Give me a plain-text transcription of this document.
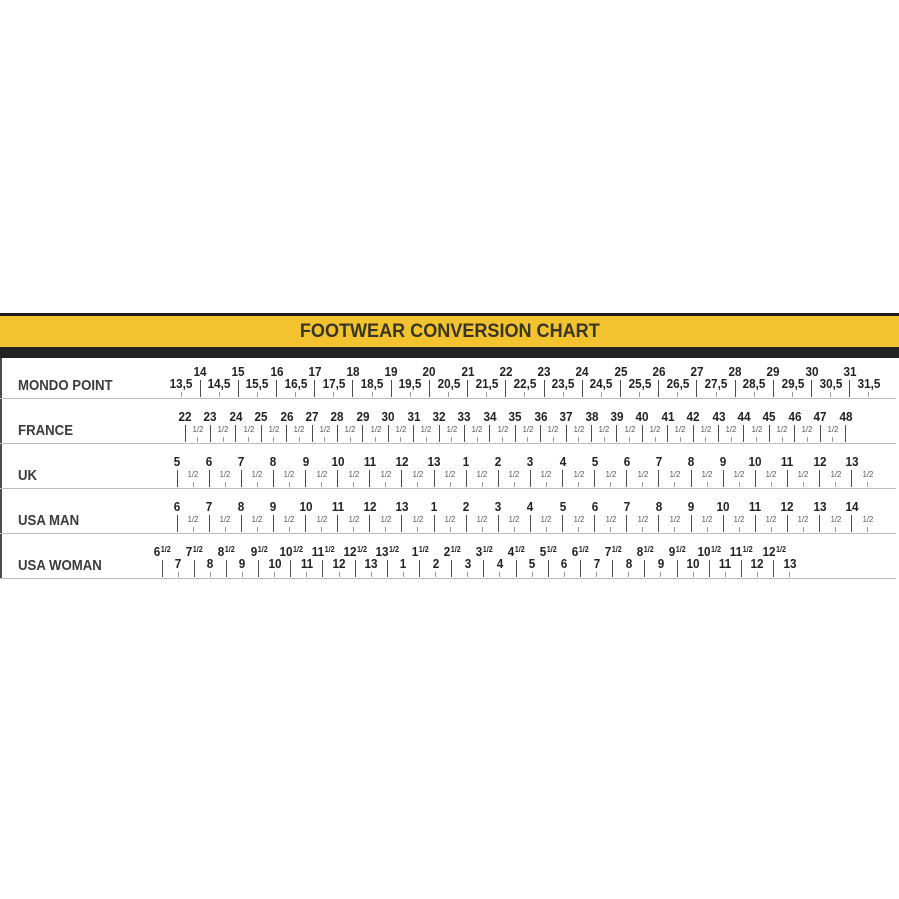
FOOTWEAR CONVERSION CHART
MONDO POINT	13,5
14
14,5
15
15,5
16
16,5
17
17,5
18
18,5
19
19,5
20
20,5
21
21,5
22
22,5
23
23,5
24
24,5
25
25,5
26
26,5
27
27,5
28
28,5
29
29,5
30
30,5
31
31,5
FRANCE
22
1/2
23
1/2
24
1/2
25
1/2
26
1/2
27
1/2
28
1/2
29
1/2
30
1/2
31
1/2
32
1/2
33
1/2
34
1/2
35
1/2
36
1/2
37
1/2
38
1/2
39
1/2
40
1/2
41
1/2
42
1/2
43
1/2
44
1/2
45
1/2
46
1/2
47
1/2
48
UK
5
1/2
6
1/2
7
1/2
8
1/2
9
1/2
10
1/2
11
1/2
12
1/2
13
1/2
1
1/2
2
1/2
3
1/2
4
1/2
5
1/2
6
1/2
7
1/2
8
1/2
9
1/2
10
1/2
11
1/2
12
1/2
13
1/2
USA MAN
6
1/2
7
1/2
8
1/2
9
1/2
10
1/2
11
1/2
12
1/2
13
1/2
1
1/2
2
1/2
3
1/2
4
1/2
5
1/2
6
1/2
7
1/2
8
1/2
9
1/2
10
1/2
11
1/2
12
1/2
13
1/2
14
1/2
USA WOMAN
$6^{1/2}$
7
$7^{1/2}$
8
$8^{1/2}$
9
$9^{1/2}$
10
$10^{1/2}$
11
$11^{1/2}$
12
$12^{1/2}$
13
$13^{1/2}$
1
$1^{1/2}$
2
$2^{1/2}$
3
$3^{1/2}$
4
$4^{1/2}$
5
$5^{1/2}$
6
$6^{1/2}$
7
$7^{1/2}$
8
$8^{1/2}$
9
$9^{1/2}$
10
$10^{1/2}$
11
$11^{1/2}$
12
$12^{1/2}$
13
